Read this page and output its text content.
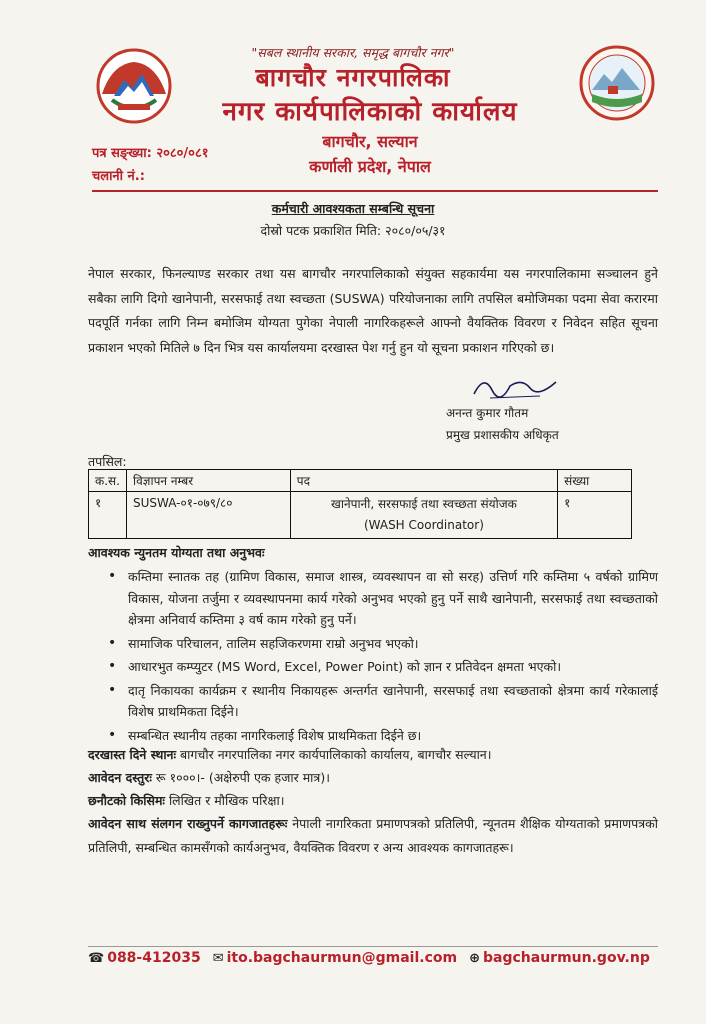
"सबल स्थानीय सरकार, समृद्ध बागचौर नगर"
बागचौर नगरपालिका
नगर कार्यपालिकाको कार्यालय
बागचौर, सल्यान
कर्णाली प्रदेश, नेपाल
पत्र सङ्ख्या: २०८०/०८१
चलानी नं.:
कर्मचारी आवश्यकता सम्बन्धि सूचना
दोस्रो पटक प्रकाशित मिति: २०८०/०५/३१

नेपाल सरकार, फिनल्याण्ड सरकार तथा यस बागचौर नगरपालिकाको संयुक्त सहकार्यमा यस नगरपालिकामा सञ्चालन हुने सबैका लागि दिगो खानेपानी, सरसफाई तथा स्वच्छता (SUSWA) परियोजनाका लागि तपसिल बमोजिमका पदमा सेवा करारमा पदपूर्ति गर्नका लागि निम्न बमोजिम योग्यता पुगेका नेपाली नागरिकहरूले आफ्नो वैयक्तिक विवरण र निवेदन सहित सूचना प्रकाशन भएको मितिले ७ दिन भित्र यस कार्यालयमा दरखास्त पेश गर्नु हुन यो सूचना प्रकाशन गरिएको छ।

अनन्त कुमार गौतम
प्रमुख प्रशासकीय अधिकृत
तपसिल:
क.स.	विज्ञापन नम्बर	पद	संख्या
१	SUSWA-०१-०७९/८०	खानेपानी, सरसफाई तथा स्वच्छता संयोजक
(WASH Coordinator)	१
आवश्यक न्युनतम योग्यता तथा अनुभवः
• कम्तिमा स्नातक तह (ग्रामिण विकास, समाज शास्त्र, व्यवस्थापन वा सो सरह) उत्तिर्ण गरि कम्तिमा ५ वर्षको ग्रामिण विकास, योजना तर्जुमा र व्यवस्थापनमा कार्य गरेको अनुभव भएको हुनु पर्ने साथै खानेपानी, सरसफाई तथा स्वच्छताको क्षेत्रमा अनिवार्य कम्तिमा ३ वर्ष काम गरेको हुनु पर्ने।
• सामाजिक परिचालन, तालिम सहजिकरणमा राम्रो अनुभव भएको।
• आधारभुत कम्प्युटर (MS Word, Excel, Power Point) को ज्ञान र प्रतिवेदन क्षमता भएको।
• दातृ निकायका कार्यक्रम र स्थानीय निकायहरू अन्तर्गत खानेपानी, सरसफाई तथा स्वच्छताको क्षेत्रमा कार्य गरेकालाई विशेष प्राथमिकता दिईने।
• सम्बन्धित स्थानीय तहका नागरिकलाई विशेष प्राथमिकता दिईने छ।
दरखास्त दिने स्थानः बागचौर नगरपालिका नगर कार्यपालिकाको कार्यालय, बागचौर सल्यान।
आवेदन दस्तुरः रू १०००।- (अक्षेरुपी एक हजार मात्र)।
छनौटको किसिमः लिखित र मौखिक परिक्षा।
आवेदन साथ संलगन राख्नुपर्ने कागजातहरूः नेपाली नागरिकता प्रमाणपत्रको प्रतिलिपी, न्यूनतम शैक्षिक योग्यताको प्रमाणपत्रको प्रतिलिपी, सम्बन्धित कामसँगको कार्यअनुभव, वैयक्तिक विवरण र अन्य आवश्यक कागजातहरू।
☎ 088-412035 ✉ ito.bagchaurmun@gmail.com ⊕ bagchaurmun.gov.np
